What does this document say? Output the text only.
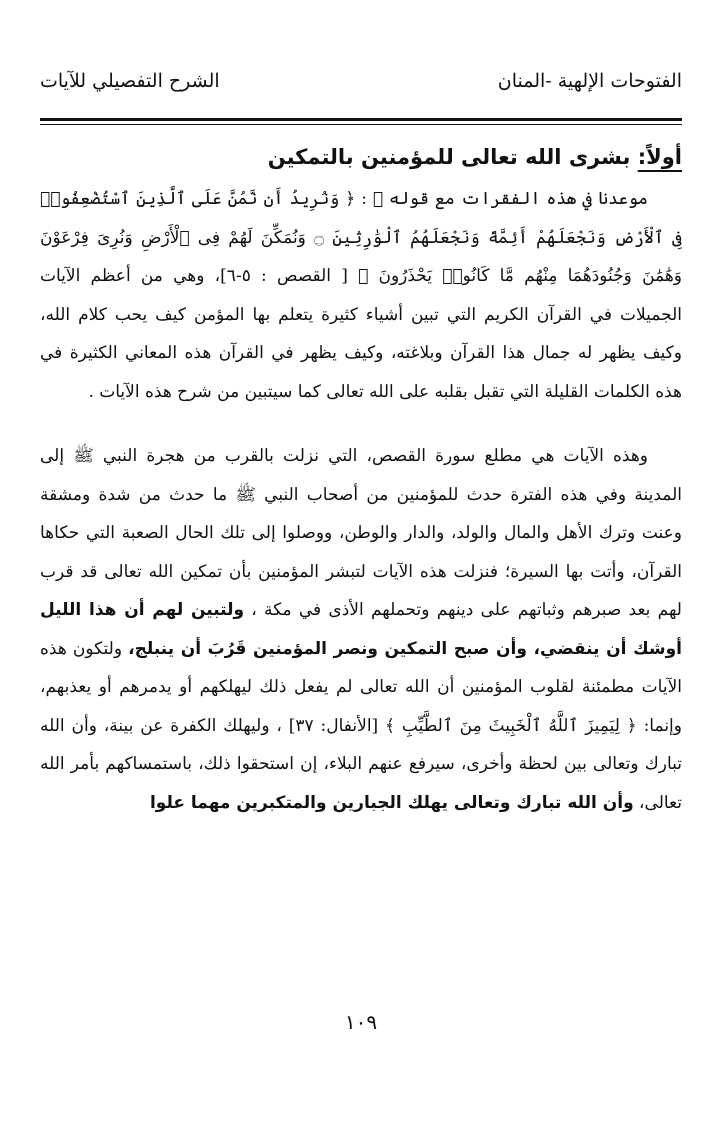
الفتوحات الإلهية -المنان
الشرح التفصيلي للآيات
أولاً: بشرى الله تعالى للمؤمنين بالتمكين

موعدنا في هذه الفقرات مع قوله ﷺ : ﴿ وَنُرِيدُ أَن نَّمُنَّ عَلَى ٱلَّذِينَ ٱسْتُضْعِفُوا۟ فِى ٱلْأَرْضِ وَنَجْعَلَهُمْ أَئِمَّةً وَنَجْعَلَهُمُ ٱلْوَٰرِثِينَ ۝ وَنُمَكِّنَ لَهُمْ فِى ٱلْأَرْضِ وَنُرِىَ فِرْعَوْنَ وَهَٰمَٰنَ وَجُنُودَهُمَا مِنْهُم مَّا كَانُوا۟ يَحْذَرُونَ ﴾ [ القصص : ٥-٦]، وهي من أعظم الآيات الجميلات في القرآن الكريم التي تبين أشياء كثيرة يتعلم بها المؤمن كيف يحب كلام الله، وكيف يظهر له جمال هذا القرآن وبلاغته، وكيف يظهر في القرآن هذه المعاني الكثيرة في هذه الكلمات القليلة التي تقبل بقلبه على الله تعالى كما سيتبين من شرح هذه الآيات .

وهذه الآيات هي مطلع سورة القصص، التي نزلت بالقرب من هجرة النبي ﷺ إلى المدينة وفي هذه الفترة حدث للمؤمنين من أصحاب النبي ﷺ ما حدث من شدة ومشقة وعنت وترك الأهل والمال والولد، والدار والوطن، ووصلوا إلى تلك الحال الصعبة التي حكاها القرآن، وأتت بها السيرة؛ فنزلت هذه الآيات لتبشر المؤمنين بأن تمكين الله تعالى قد قرب لهم بعد صبرهم وثباتهم على دينهم وتحملهم الأذى في مكة ، ولتبين لهم أن هذا الليل أوشك أن ينقضي، وأن صبح التمكين ونصر المؤمنين قَرُبَ أن ينبلج، ولتكون هذه الآيات مطمئنة لقلوب المؤمنين أن الله تعالى لم يفعل ذلك ليهلكهم أو يدمرهم أو يعذبهم، وإنما: ﴿ لِيَمِيزَ ٱللَّهُ ٱلْخَبِيثَ مِنَ ٱلطَّيِّبِ ﴾ [الأنفال: ٣٧] ، وليهلك الكفرة عن بينة، وأن الله تبارك وتعالى بين لحظة وأخرى، سيرفع عنهم البلاء، إن استحقوا ذلك، باستمساكهم بأمر الله تعالى، وأن الله تبارك وتعالى يهلك الجبارين والمتكبرين مهما علوا

١٠٩
